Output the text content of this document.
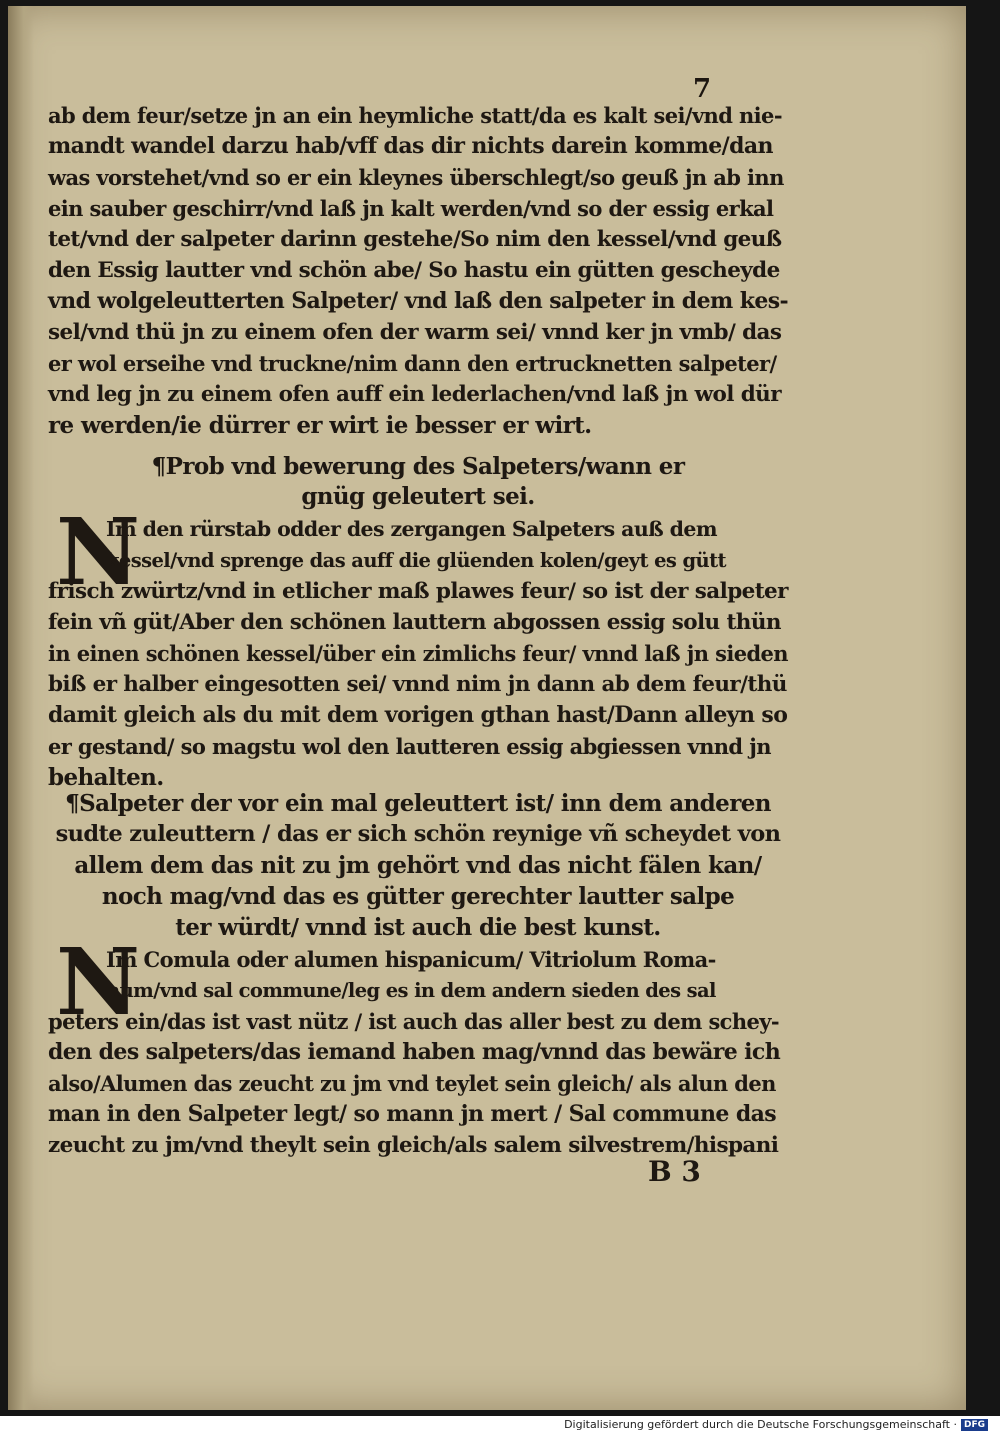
7
ab dem feur/setze jn an ein heymliche statt/da es kalt sei/vnd nie-
mandt wandel darzu hab/vff das dir nichts darein komme/dan
was vorstehet/vnd so er ein kleynes überschlegt/so geuß jn ab inn
ein sauber geschirr/vnd laß jn kalt werden/vnd so der essig erkal
tet/vnd der salpeter darinn gestehe/So nim den kessel/vnd geuß
den Essig lautter vnd schön abe/ So hastu ein gütten gescheyde
vnd wolgeleutterten Salpeter/ vnd laß den salpeter in dem kes-
sel/vnd thü jn zu einem ofen der warm sei/ vnnd ker jn vmb/ das
er wol erseihe vnd truckne/nim dann den ertrucknetten salpeter/
vnd leg jn zu einem ofen auff ein lederlachen/vnd laß jn wol dür
re werden/ie dürrer er wirt ie besser er wirt.
¶Prob vnd bewerung des Salpeters/wann er
gnüg geleutert sei.
N
Im den rürstab odder des zergangen Salpeters auß dem
kessel/vnd sprenge das auff die glüenden kolen/geyt es gütt
frisch zwürtz/vnd in etlicher maß plawes feur/ so ist der salpeter
fein vñ güt/Aber den schönen lauttern abgossen essig solu thün
in einen schönen kessel/über ein zimlichs feur/ vnnd laß jn sieden
biß er halber eingesotten sei/ vnnd nim jn dann ab dem feur/thü
damit gleich als du mit dem vorigen gthan hast/Dann alleyn so
er gestand/ so magstu wol den lautteren essig abgiessen vnnd jn
behalten.
¶Salpeter der vor ein mal geleuttert ist/ inn dem anderen
sudte zuleuttern / das er sich schön reynige vñ scheydet von
allem dem das nit zu jm gehört vnd das nicht fälen kan/
noch mag/vnd das es gütter gerechter lautter salpe
ter würdt/ vnnd ist auch die best kunst.
N
Im Comula oder alumen hispanicum/ Vitriolum Roma-
num/vnd sal commune/leg es in dem andern sieden des sal
peters ein/das ist vast nütz / ist auch das aller best zu dem schey-
den des salpeters/das iemand haben mag/vnnd das bewäre ich
also/Alumen das zeucht zu jm vnd teylet sein gleich/ als alun den
man in den Salpeter legt/ so mann jn mert / Sal commune das
zeucht zu jm/vnd theylt sein gleich/als salem silvestrem/hispani
B 3
Digitalisierung gefördert durch die Deutsche Forschungsgemeinschaft · DFG
